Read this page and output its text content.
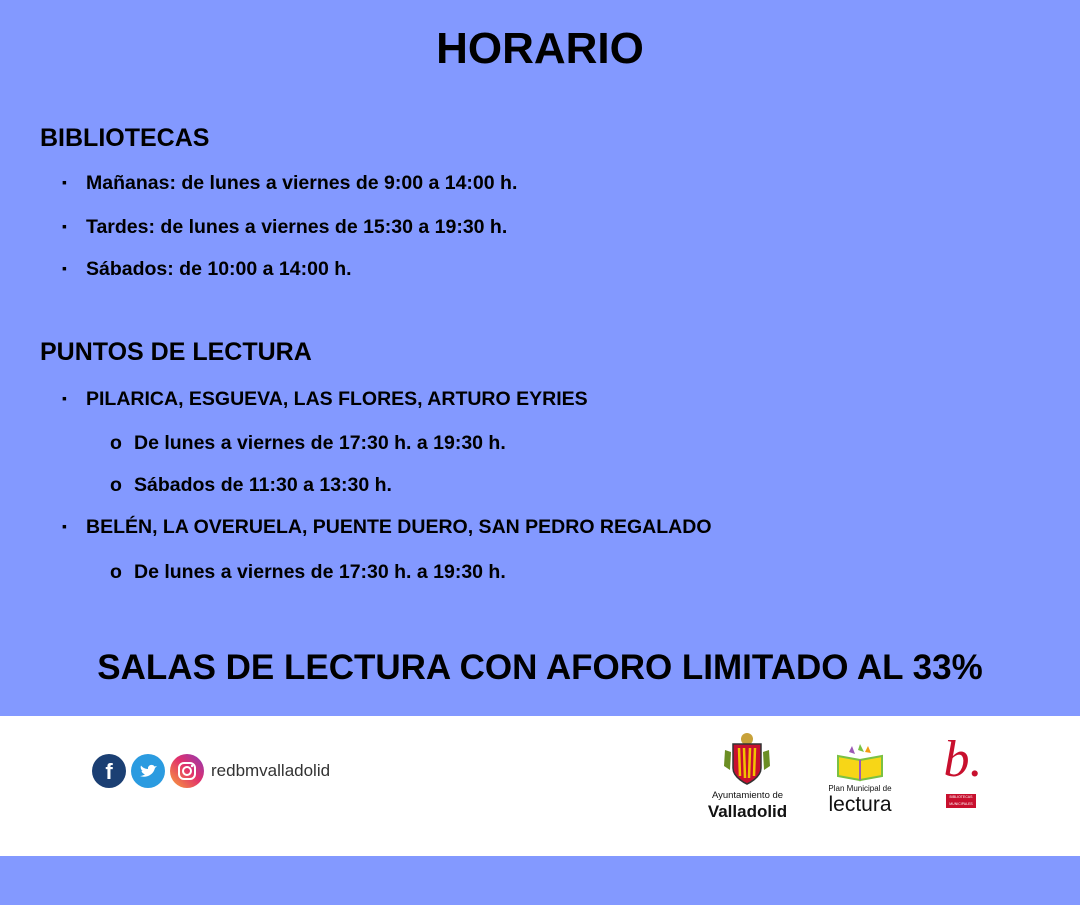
HORARIO
BIBLIOTECAS
▪ Mañanas: de lunes a viernes de 9:00 a 14:00 h.
▪ Tardes: de lunes a viernes de 15:30 a 19:30 h.
▪ Sábados: de 10:00 a 14:00 h.
PUNTOS DE LECTURA
▪ PILARICA, ESGUEVA, LAS FLORES, ARTURO EYRIES
o De lunes a viernes de 17:30 h. a 19:30 h.
o Sábados de 11:30 a 13:30 h.
▪ BELÉN, LA OVERUELA, PUENTE DUERO, SAN PEDRO REGALADO
o De lunes a viernes de 17:30 h. a 19:30 h.
SALAS DE LECTURA CON AFORO LIMITADO AL 33%
f	redbmvalladolid
Ayuntamiento de
Valladolid
Plan Municipal de
lectura
b.
BIBLIOTECAS MUNICIPALES
